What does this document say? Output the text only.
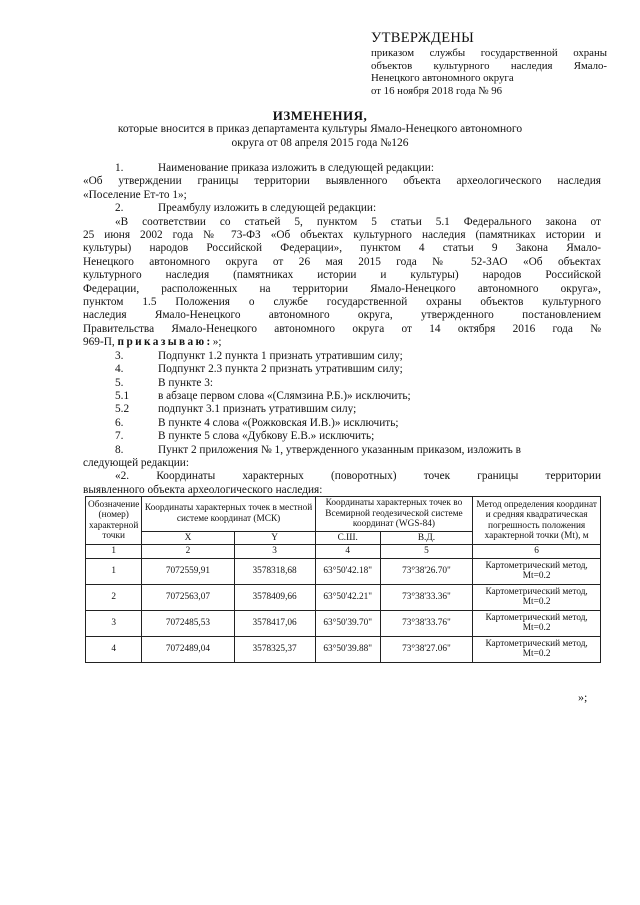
УТВЕРЖДЕНЫ
приказом службы государственной охраны
объектов культурного наследия Ямало-
Ненецкого автономного округа
от 16 ноября 2018 года № 96
ИЗМЕНЕНИЯ,
которые вносится в приказ департамента культуры Ямало-Ненецкого автономного
округа от 08 апреля 2015 года №126
1.	Наименование приказа изложить в следующей редакции:
«Об утверждении границы территории выявленного объекта археологического наследия
«Поселение Ет-то 1»;
2.	Преамбулу изложить в следующей редакции:
«В соответствии со статьей 5, пунктом 5 статьи 5.1 Федерального закона от
25 июня 2002 года № 73-ФЗ «Об объектах культурного наследия (памятниках истории и
культуры) народов Российской Федерации», пунктом 4 статьи 9 Закона Ямало-
Ненецкого автономного округа от 26 мая 2015 года № 52-ЗАО «Об объектах
культурного наследия (памятниках истории и культуры) народов Российской
Федерации, расположенных на территории Ямало-Ненецкого автономного округа»,
пунктом 1.5 Положения о службе государственной охраны объектов культурного
наследия Ямало-Ненецкого автономного округа, утвержденного постановлением
Правительства Ямало-Ненецкого автономного округа от 14 октября 2016 года №
969-П, приказываю:»;
3.	Подпункт 1.2 пункта 1 признать утратившим силу;
4.	Подпункт 2.3 пункта 2 признать утратившим силу;
5.	В пункте 3:
5.1	в абзаце первом слова «(Слямзина Р.Б.)» исключить;
5.2	подпункт 3.1 признать утратившим силу;
6.	В пункте 4 слова «(Рожковская И.В.)» исключить;
7.	В пункте 5 слова «Дубкову Е.В.» исключить;
8.	Пункт 2 приложения № 1, утвержденного указанным приказом, изложить в
следующей редакции:
«2. Координаты характерных (поворотных) точек границы территории
выявленного объекта археологического наследия:
Обозначение (номер) характерной точки	Координаты характерных точек в местной системе координат (МСК)		Координаты характерных точек во Всемирной геодезической системе координат (WGS-84)		Метод определения координат и средняя квадратическая погрешность положения характерной точки (Mt), м
	X	Y	С.Ш.	В.Д.	
1	2	3	4	5	6
1	7072559,91	3578318,68	63°50'42.18"	73°38'26.70"	Картометрический метод, Mt=0.2
2	7072563,07	3578409,66	63°50'42.21"	73°38'33.36"	Картометрический метод, Mt=0.2
3	7072485,53	3578417,06	63°50'39.70"	73°38'33.76"	Картометрический метод, Mt=0.2
4	7072489,04	3578325,37	63°50'39.88"	73°38'27.06"	Картометрический метод, Mt=0.2
»;
